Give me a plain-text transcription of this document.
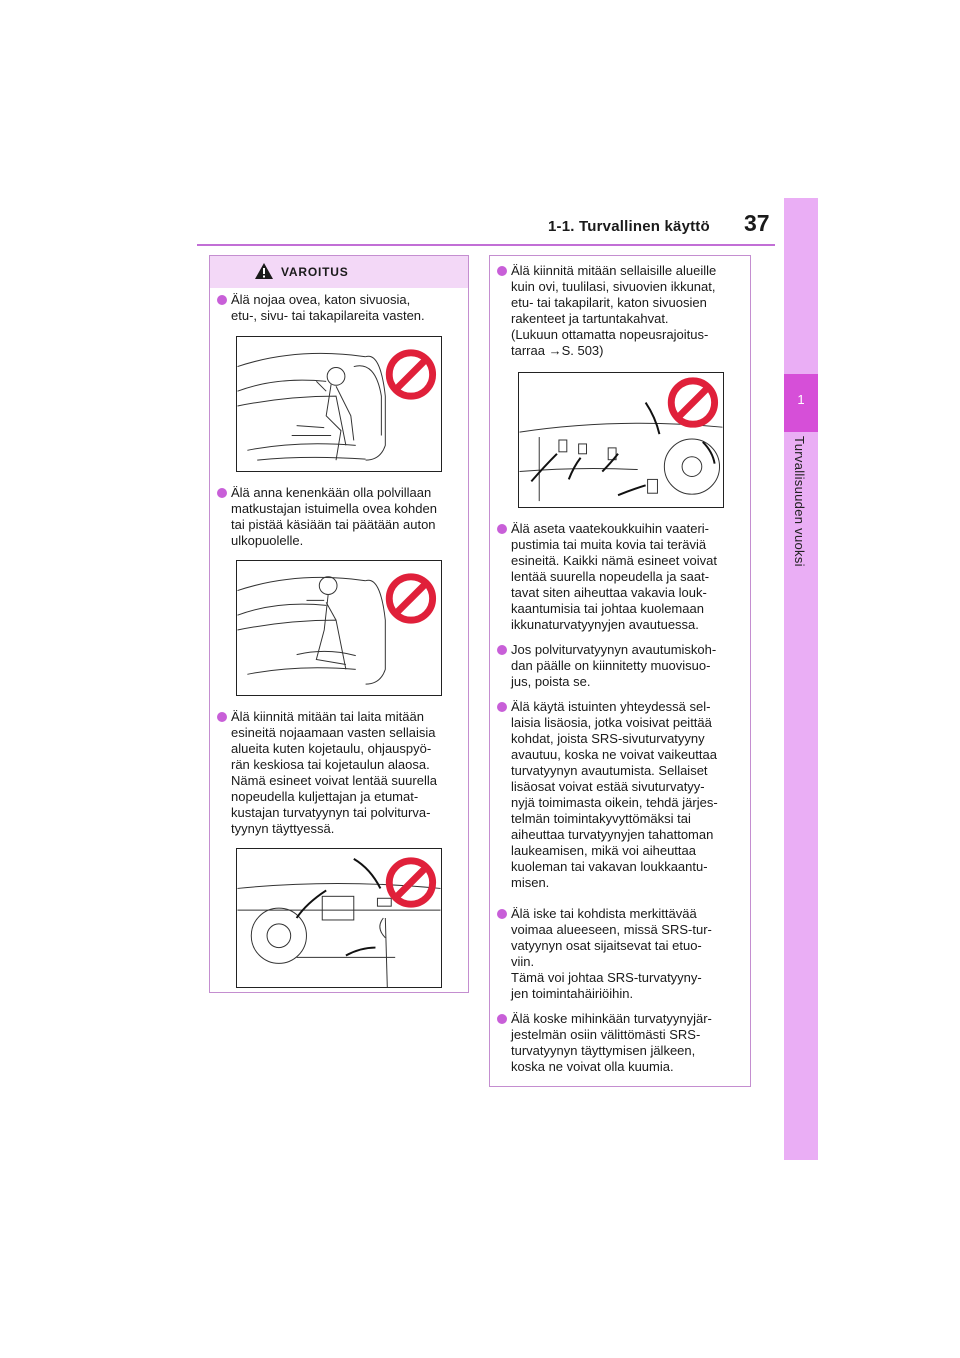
1-1. Turvallinen käyttö 37
1
Turvallisuuden vuoksi
VAROITUS
Älä nojaa ovea, katon sivuosia,
etu-, sivu- tai takapilareita vasten.
Älä anna kenenkään olla polvillaan
matkustajan istuimella ovea kohden
tai pistää käsiään tai päätään auton
ulkopuolelle.
Älä kiinnitä mitään tai laita mitään
esineitä nojaamaan vasten sellaisia
alueita kuten kojetaulu, ohjauspyö-
rän keskiosa tai kojetaulun alaosa.
Nämä esineet voivat lentää suurella
nopeudella kuljettajan ja etumat-
kustajan turvatyynyn tai polviturva-
tyynyn täyttyessä.
Älä kiinnitä mitään sellaisille alueille
kuin ovi, tuulilasi, sivuovien ikkunat,
etu- tai takapilarit, katon sivuosien
rakenteet ja tartuntakahvat.
(Lukuun ottamatta nopeusrajoitus-
tarraa →S. 503)
Älä aseta vaatekoukkuihin vaateri-
pustimia tai muita kovia tai teräviä
esineitä. Kaikki nämä esineet voivat
lentää suurella nopeudella ja saat-
tavat siten aiheuttaa vakavia louk-
kaantumisia tai johtaa kuolemaan
ikkunaturvatyynyjen avautuessa.
Jos polviturvatyynyn avautumiskoh-
dan päälle on kiinnitetty muovisuo-
jus, poista se.
Älä käytä istuinten yhteydessä sel-
laisia lisäosia, jotka voisivat peittää
kohdat, joista SRS-sivuturvatyyny
avautuu, koska ne voivat vaikeuttaa
turvatyynyn avautumista. Sellaiset
lisäosat voivat estää sivuturvatyy-
nyjä toimimasta oikein, tehdä järjes-
telmän toimintakyvyttömäksi tai
aiheuttaa turvatyynyjen tahattoman
laukeamisen, mikä voi aiheuttaa
kuoleman tai vakavan loukkaantu-
misen.
Älä iske tai kohdista merkittävää
voimaa alueeseen, missä SRS-tur-
vatyynyn osat sijaitsevat tai etuo-
viin.
Tämä voi johtaa SRS-turvatyyny-
jen toimintahäiriöihin.
Älä koske mihinkään turvatyynyjär-
jestelmän osiin välittömästi SRS-
turvatyynyn täyttymisen jälkeen,
koska ne voivat olla kuumia.
